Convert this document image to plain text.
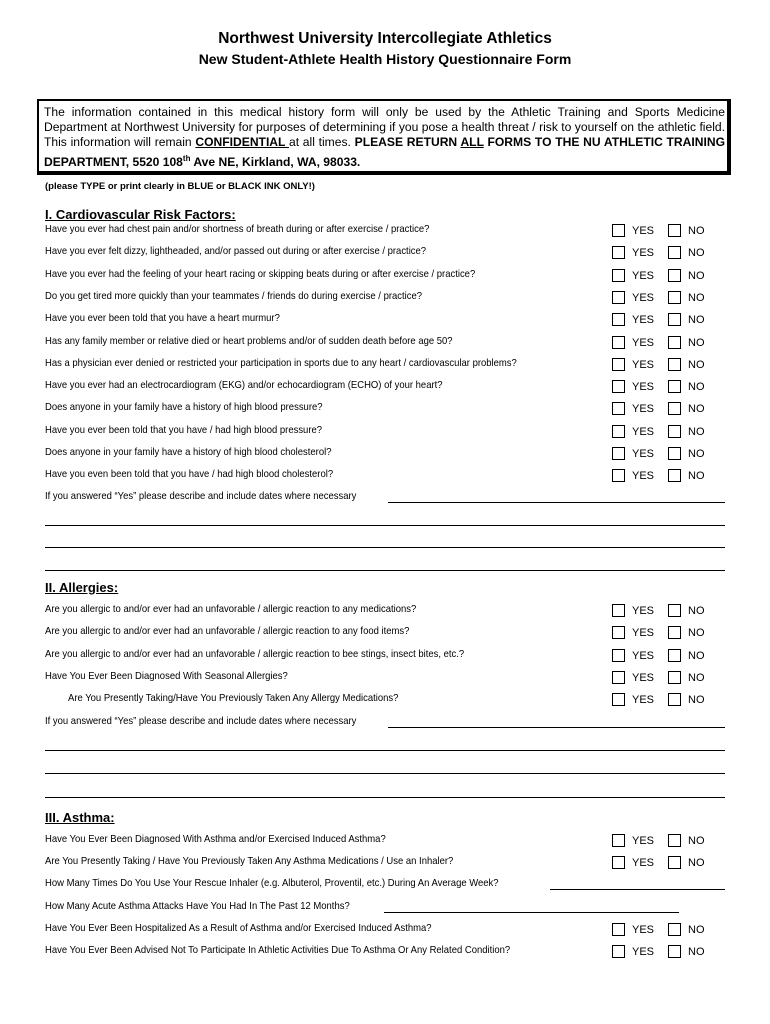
Northwest University Intercollegiate Athletics
New Student-Athlete Health History Questionnaire Form
The information contained in this medical history form will only be used by the Athletic Training and Sports Medicine Department at Northwest University for purposes of determining if you pose a health threat / risk to yourself on the athletic field. This information will remain CONFIDENTIAL at all times. PLEASE RETURN ALL FORMS TO THE NU ATHLETIC TRAINING DEPARTMENT, 5520 108th Ave NE, Kirkland, WA, 98033.
(please TYPE or print clearly in BLUE or BLACK INK ONLY!)
I. Cardiovascular Risk Factors:
Have you ever had chest pain and/or shortness of breath during or after exercise / practice?	YES	NO
Have you ever felt dizzy, lightheaded, and/or passed out during or after exercise / practice?	YES	NO
Have you ever had the feeling of your heart racing or skipping beats during or after exercise / practice?	YES	NO
Do you get tired more quickly than your teammates / friends do during exercise / practice?	YES	NO
Have you ever been told that you have a heart murmur?	YES	NO
Has any family member or relative died or heart problems and/or of sudden death before age 50?	YES	NO
Has a physician ever denied or restricted your participation in sports due to any heart / cardiovascular problems?	YES	NO
Have you ever had an electrocardiogram (EKG) and/or echocardiogram (ECHO) of your heart?	YES	NO
Does anyone in your family have a history of high blood pressure?	YES	NO
Have you ever been told that you have / had high blood pressure?	YES	NO
Does anyone in your family have a history of high blood cholesterol?	YES	NO
Have you even been told that you have / had high blood cholesterol?	YES	NO
If you answered “Yes” please describe and include dates where necessary
II. Allergies:
Are you allergic to and/or ever had an unfavorable / allergic reaction to any medications?	YES	NO
Are you allergic to and/or ever had an unfavorable / allergic reaction to any food items?	YES	NO
Are you allergic to and/or ever had an unfavorable / allergic reaction to bee stings, insect bites, etc.?	YES	NO
Have You Ever Been Diagnosed With Seasonal Allergies?	YES	NO
Are You Presently Taking/Have You Previously Taken Any Allergy Medications?	YES	NO
If you answered “Yes” please describe and include dates where necessary
III. Asthma:
Have You Ever Been Diagnosed With Asthma and/or Exercised Induced Asthma?	YES	NO
Are You Presently Taking / Have You Previously Taken Any Asthma Medications / Use an Inhaler?	YES	NO
How Many Times Do You Use Your Rescue Inhaler (e.g. Albuterol, Proventil, etc.) During An Average Week?
How Many Acute Asthma Attacks Have You Had In The Past 12 Months?
Have You Ever Been Hospitalized As a Result of Asthma and/or Exercised Induced Asthma?	YES	NO
Have You Ever Been Advised Not To Participate In Athletic Activities Due To Asthma Or Any Related Condition?	YES	NO
